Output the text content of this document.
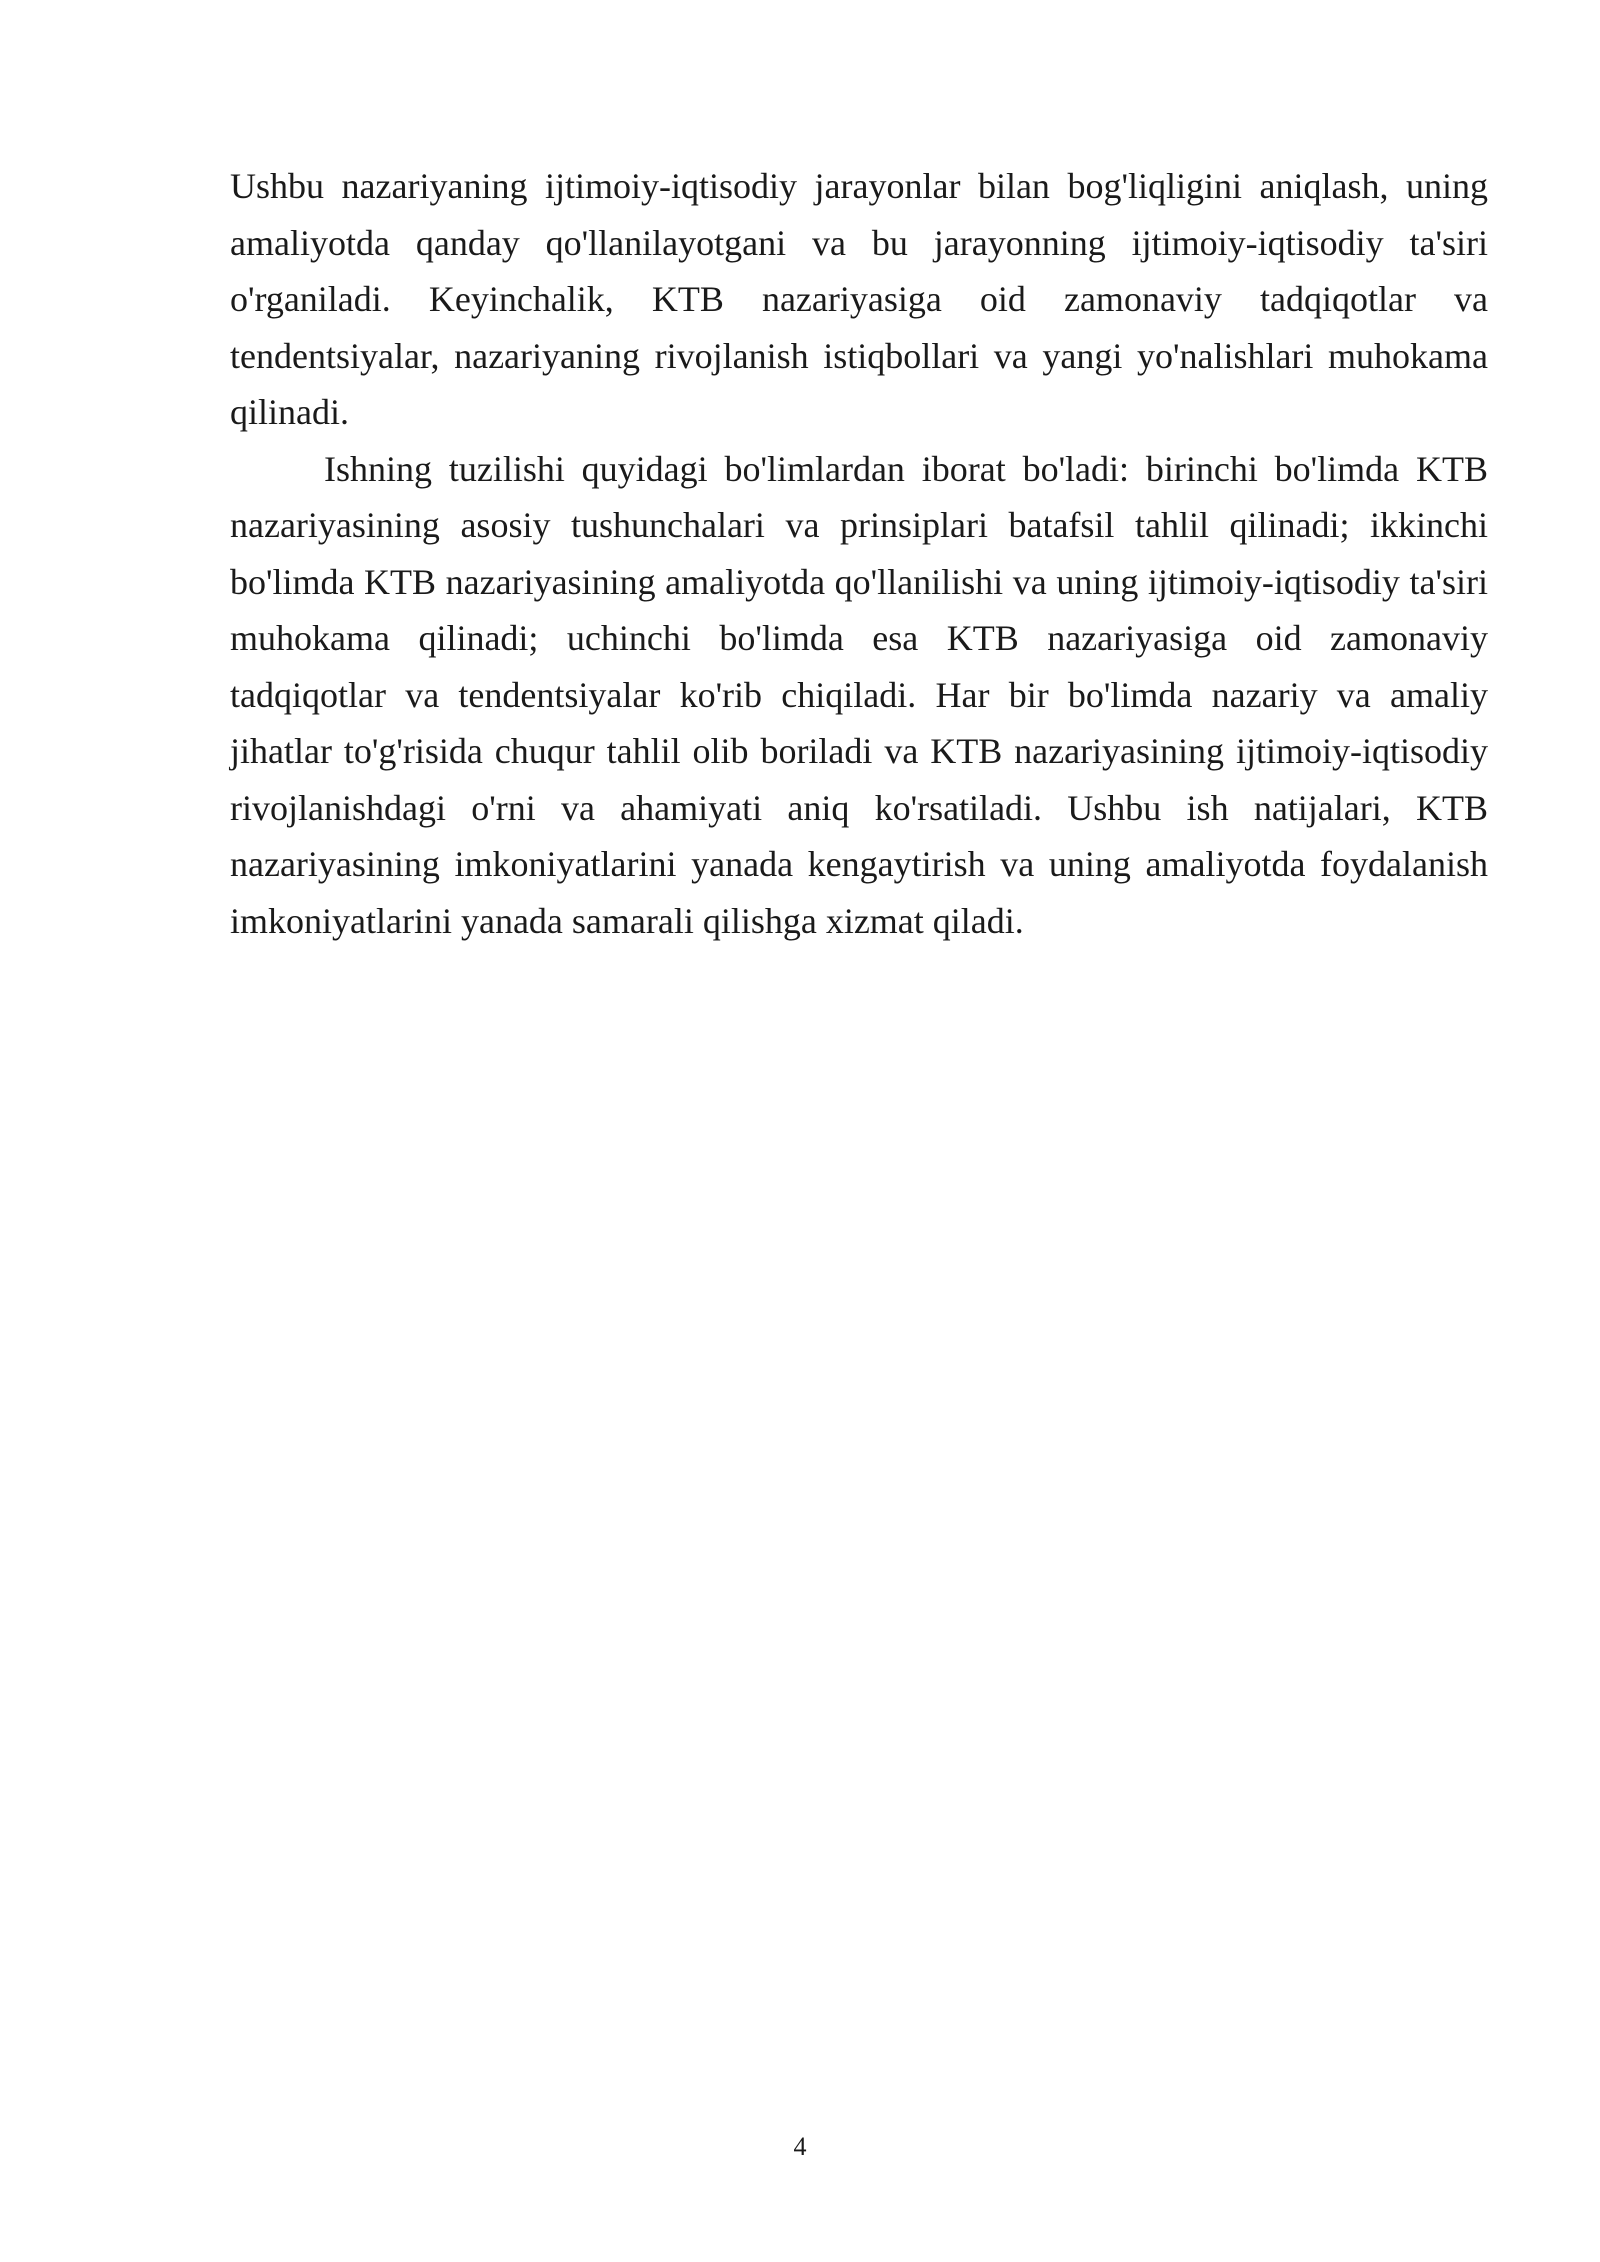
Ushbu nazariyaning ijtimoiy-iqtisodiy jarayonlar bilan bog'liqligini aniqlash, uning amaliyotda qanday qo'llanilayotgani va bu jarayonning ijtimoiy-iqtisodiy ta'siri o'rganiladi. Keyinchalik, KTB nazariyasiga oid zamonaviy tadqiqotlar va tendentsiyalar, nazariyaning rivojlanish istiqbollari va yangi yo'nalishlari muhokama qilinadi.

Ishning tuzilishi quyidagi bo'limlardan iborat bo'ladi: birinchi bo'limda KTB nazariyasining asosiy tushunchalari va prinsiplari batafsil tahlil qilinadi; ikkinchi bo'limda KTB nazariyasining amaliyotda qo'llanilishi va uning ijtimoiy-iqtisodiy ta'siri muhokama qilinadi; uchinchi bo'limda esa KTB nazariyasiga oid zamonaviy tadqiqotlar va tendentsiyalar ko'rib chiqiladi. Har bir bo'limda nazariy va amaliy jihatlar to'g'risida chuqur tahlil olib boriladi va KTB nazariyasining ijtimoiy-iqtisodiy rivojlanishdagi o'rni va ahamiyati aniq ko'rsatiladi. Ushbu ish natijalari, KTB nazariyasining imkoniyatlarini yanada kengaytirish va uning amaliyotda foydalanish imkoniyatlarini yanada samarali qilishga xizmat qiladi.

4
